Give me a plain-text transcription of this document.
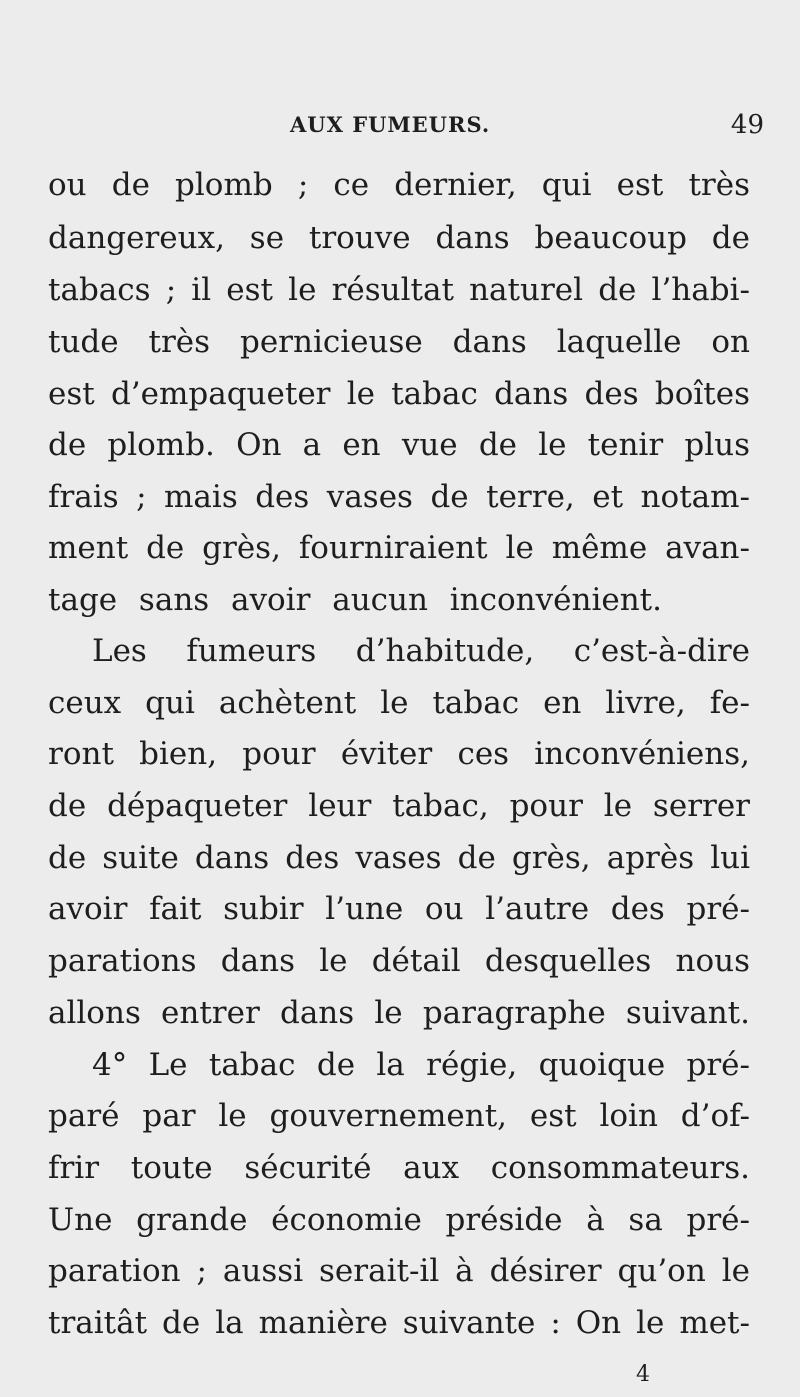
AUX FUMEURS.	49
ou de plomb ; ce dernier, qui est très
dangereux, se trouve dans beaucoup de
tabacs ; il est le résultat naturel de l’habi-
tude très pernicieuse dans laquelle on
est d’empaqueter le tabac dans des boîtes
de plomb. On a en vue de le tenir plus
frais ; mais des vases de terre, et notam-
ment de grès, fourniraient le même avan-
tage sans avoir aucun inconvénient.
Les fumeurs d’habitude, c’est-à-dire
ceux qui achètent le tabac en livre, fe-
ront bien, pour éviter ces inconvéniens,
de dépaqueter leur tabac, pour le serrer
de suite dans des vases de grès, après lui
avoir fait subir l’une ou l’autre des pré-
parations dans le détail desquelles nous
allons entrer dans le paragraphe suivant.
4° Le tabac de la régie, quoique pré-
paré par le gouvernement, est loin d’of-
frir toute sécurité aux consommateurs.
Une grande économie préside à sa pré-
paration ; aussi serait-il à désirer qu’on le
traitât de la manière suivante : On le met-
4
